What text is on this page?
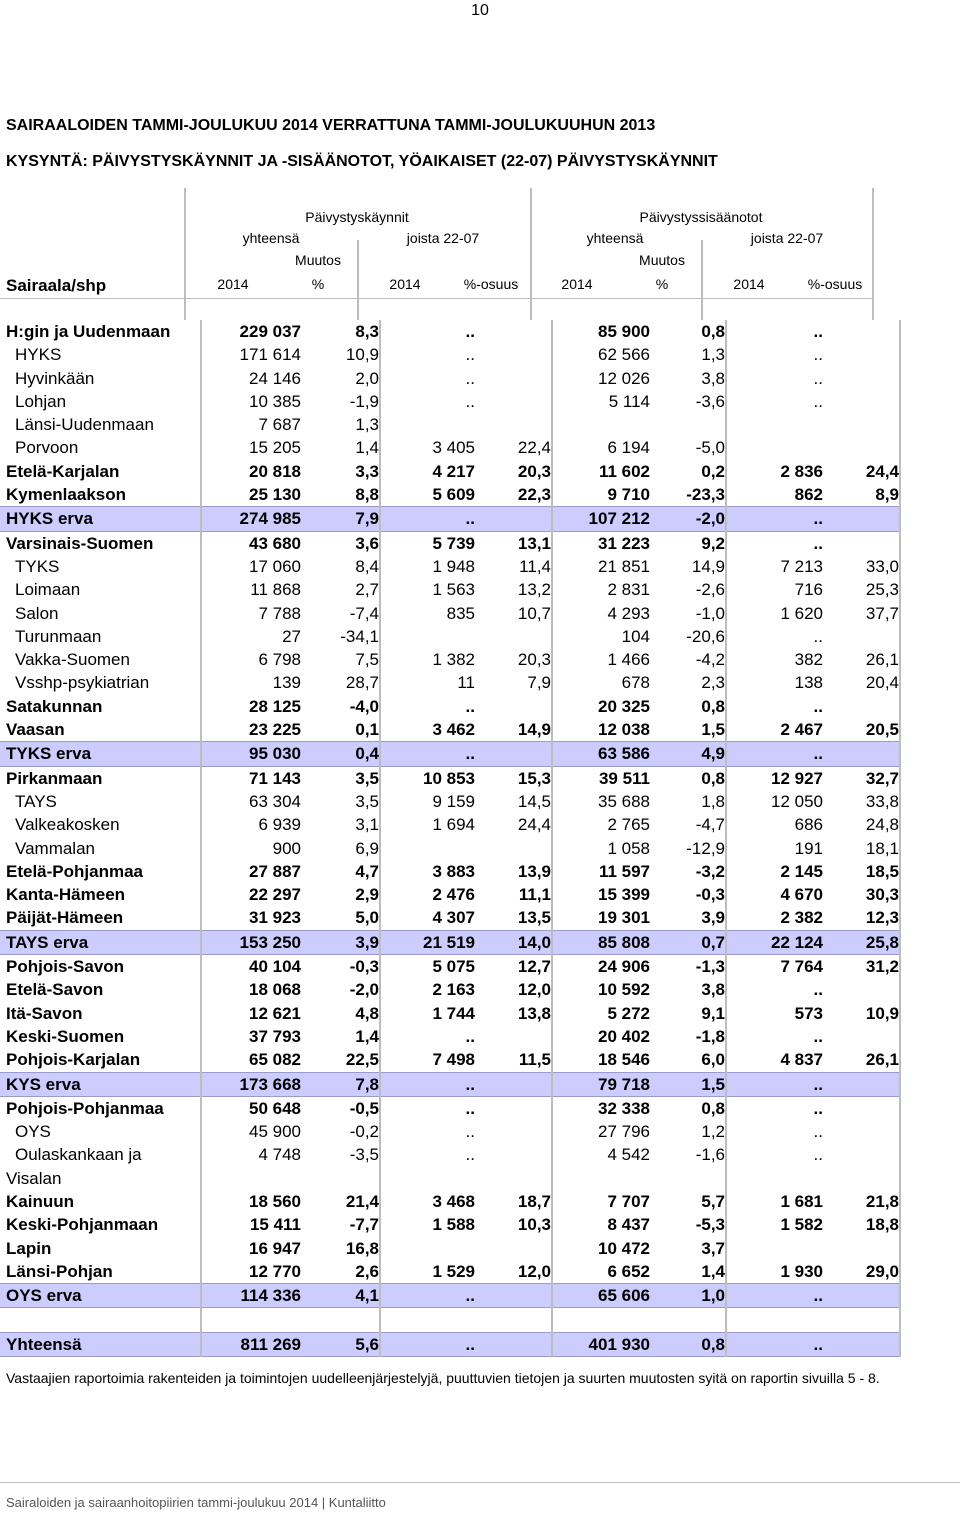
10
SAIRAALOIDEN TAMMI-JOULUKUU 2014 VERRATTUNA TAMMI-JOULUKUUHUN 2013
KYSYNTÄ: PÄIVYSTYSKÄYNNIT JA -SISÄÄNOTOT, YÖAIKAISET (22-07) PÄIVYSTYSKÄYNNIT
Päivystyskäynnit	Päivystyssisäänotot
yhteensä	joista 22-07	yhteensä	joista 22-07
Muutos	Muutos
Sairaala/shp	2014	%	2014	%-osuus	2014	%	2014	%-osuus
H:gin ja Uudenmaan	229 037	8,3	..		85 900	0,8	..	
HYKS	171 614	10,9	..		62 566	1,3	..	
Hyvinkään	24 146	2,0	..		12 026	3,8	..	
Lohjan	10 385	-1,9	..		5 114	-3,6	..	
Länsi-Uudenmaan	7 687	1,3						
Porvoon	15 205	1,4	3 405	22,4	6 194	-5,0		
Etelä-Karjalan	20 818	3,3	4 217	20,3	11 602	0,2	2 836	24,4
Kymenlaakson	25 130	8,8	5 609	22,3	9 710	-23,3	862	8,9
HYKS erva	274 985	7,9	..		107 212	-2,0	..	
Varsinais-Suomen	43 680	3,6	5 739	13,1	31 223	9,2	..	
TYKS	17 060	8,4	1 948	11,4	21 851	14,9	7 213	33,0
Loimaan	11 868	2,7	1 563	13,2	2 831	-2,6	716	25,3
Salon	7 788	-7,4	835	10,7	4 293	-1,0	1 620	37,7
Turunmaan	27	-34,1			104	-20,6	..	
Vakka-Suomen	6 798	7,5	1 382	20,3	1 466	-4,2	382	26,1
Vsshp-psykiatrian	139	28,7	11	7,9	678	2,3	138	20,4
Satakunnan	28 125	-4,0	..		20 325	0,8	..	
Vaasan	23 225	0,1	3 462	14,9	12 038	1,5	2 467	20,5
TYKS erva	95 030	0,4	..		63 586	4,9	..	
Pirkanmaan	71 143	3,5	10 853	15,3	39 511	0,8	12 927	32,7
TAYS	63 304	3,5	9 159	14,5	35 688	1,8	12 050	33,8
Valkeakosken	6 939	3,1	1 694	24,4	2 765	-4,7	686	24,8
Vammalan	900	6,9			1 058	-12,9	191	18,1
Etelä-Pohjanmaa	27 887	4,7	3 883	13,9	11 597	-3,2	2 145	18,5
Kanta-Hämeen	22 297	2,9	2 476	11,1	15 399	-0,3	4 670	30,3
Päijät-Hämeen	31 923	5,0	4 307	13,5	19 301	3,9	2 382	12,3
TAYS erva	153 250	3,9	21 519	14,0	85 808	0,7	22 124	25,8
Pohjois-Savon	40 104	-0,3	5 075	12,7	24 906	-1,3	7 764	31,2
Etelä-Savon	18 068	-2,0	2 163	12,0	10 592	3,8	..	
Itä-Savon	12 621	4,8	1 744	13,8	5 272	9,1	573	10,9
Keski-Suomen	37 793	1,4	..		20 402	-1,8	..	
Pohjois-Karjalan	65 082	22,5	7 498	11,5	18 546	6,0	4 837	26,1
KYS erva	173 668	7,8	..		79 718	1,5	..	
Pohjois-Pohjanmaa	50 648	-0,5	..		32 338	0,8	..	
OYS	45 900	-0,2	..		27 796	1,2	..	
Oulaskankaan ja	4 748	-3,5	..		4 542	-1,6	..	
Visalan								
Kainuun	18 560	21,4	3 468	18,7	7 707	5,7	1 681	21,8
Keski-Pohjanmaan	15 411	-7,7	1 588	10,3	8 437	-5,3	1 582	18,8
Lapin	16 947	16,8			10 472	3,7		
Länsi-Pohjan	12 770	2,6	1 529	12,0	6 652	1,4	1 930	29,0
OYS erva	114 336	4,1	..		65 606	1,0	..	

Yhteensä	811 269	5,6	..		401 930	0,8	..	
Vastaajien raportoimia rakenteiden ja toimintojen uudelleenjärjestelyjä, puuttuvien tietojen ja suurten muutosten syitä on raportin sivuilla 5 - 8.
Sairaloiden ja sairaanhoitopiirien tammi-joulukuu 2014 | Kuntaliitto
